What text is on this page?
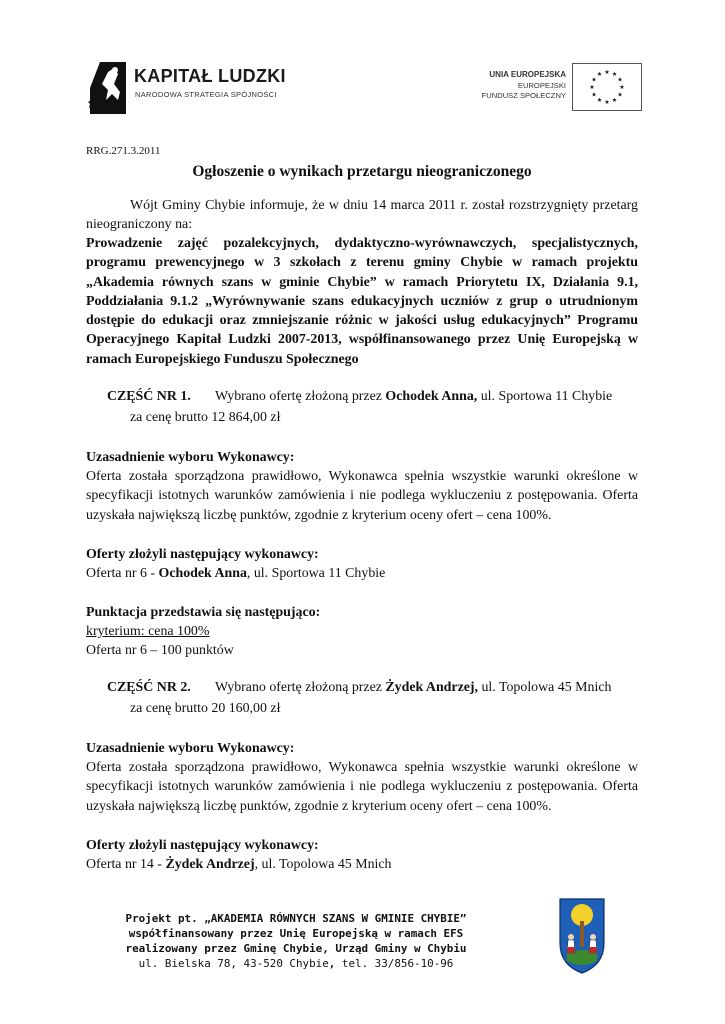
KAPITAŁ LUDZKI
NARODOWA STRATEGIA SPÓJNOŚCI
UNIA EUROPEJSKA
EUROPEJSKI
FUNDUSZ SPOŁECZNY
RRG.271.3.2011
Ogłoszenie o wynikach przetargu nieograniczonego
Wójt Gminy Chybie informuje, że w dniu 14 marca 2011 r. został rozstrzygnięty przetarg nieograniczony na:
Prowadzenie zajęć pozalekcyjnych, dydaktyczno-wyrównawczych, specjalistycznych, programu prewencyjnego w 3 szkołach z terenu gminy Chybie w ramach projektu „Akademia równych szans w gminie Chybie” w ramach Priorytetu IX, Działania 9.1, Poddziałania 9.1.2 „Wyrównywanie szans edukacyjnych uczniów z grup o utrudnionym dostępie do edukacji oraz zmniejszanie różnic w jakości usług edukacyjnych” Programu Operacyjnego Kapitał Ludzki 2007-2013, współfinansowanego przez Unię Europejską w ramach Europejskiego Funduszu Społecznego
CZĘŚĆ NR 1. Wybrano ofertę złożoną przez Ochodek Anna, ul. Sportowa 11 Chybie
za cenę brutto 12 864,00 zł
Uzasadnienie wyboru Wykonawcy:
Oferta została sporządzona prawidłowo, Wykonawca spełnia wszystkie warunki określone w specyfikacji istotnych warunków zamówienia i nie podlega wykluczeniu z postępowania. Oferta uzyskała największą liczbę punktów, zgodnie z kryterium oceny ofert – cena 100%.
Oferty złożyli następujący wykonawcy:
Oferta nr 6 - Ochodek Anna, ul. Sportowa 11 Chybie
Punktacja przedstawia się następująco:
kryterium: cena 100%
Oferta nr 6 – 100 punktów
CZĘŚĆ NR 2. Wybrano ofertę złożoną przez Żydek Andrzej, ul. Topolowa 45 Mnich
za cenę brutto 20 160,00 zł
Uzasadnienie wyboru Wykonawcy:
Oferta została sporządzona prawidłowo, Wykonawca spełnia wszystkie warunki określone w specyfikacji istotnych warunków zamówienia i nie podlega wykluczeniu z postępowania. Oferta uzyskała największą liczbę punktów, zgodnie z kryterium oceny ofert – cena 100%.
Oferty złożyli następujący wykonawcy:
Oferta nr 14 - Żydek Andrzej, ul. Topolowa 45 Mnich
Projekt pt. „AKADEMIA RÓWNYCH SZANS W GMINIE CHYBIE”
współfinansowany przez Unię Europejską w ramach EFS
realizowany przez Gminę Chybie, Urząd Gminy w Chybiu
ul. Bielska 78, 43-520 Chybie, tel. 33/856-10-96
